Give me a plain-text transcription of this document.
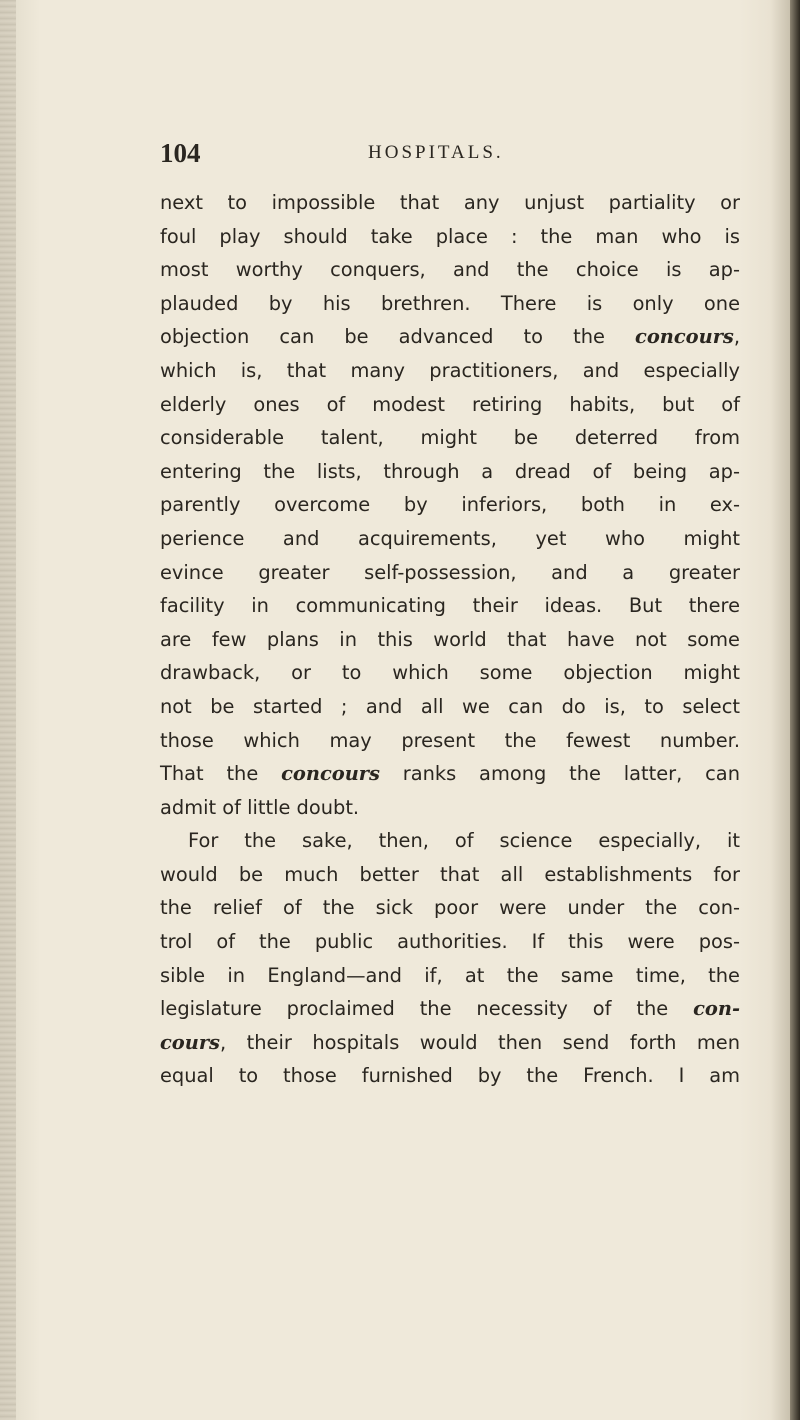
104	HOSPITALS.
next to impossible that any unjust partiality or
foul play should take place : the man who is
most worthy conquers, and the choice is ap-
plauded by his brethren. There is only one
objection can be advanced to the concours,
which is, that many practitioners, and especially
elderly ones of modest retiring habits, but of
considerable talent, might be deterred from
entering the lists, through a dread of being ap-
parently overcome by inferiors, both in ex-
perience and acquirements, yet who might
evince greater self-possession, and a greater
facility in communicating their ideas. But there
are few plans in this world that have not some
drawback, or to which some objection might
not be started ; and all we can do is, to select
those which may present the fewest number.
That the concours ranks among the latter, can
admit of little doubt.
For the sake, then, of science especially, it
would be much better that all establishments for
the relief of the sick poor were under the con-
trol of the public authorities. If this were pos-
sible in England—and if, at the same time, the
legislature proclaimed the necessity of the con-
cours, their hospitals would then send forth men
equal to those furnished by the French. I am
